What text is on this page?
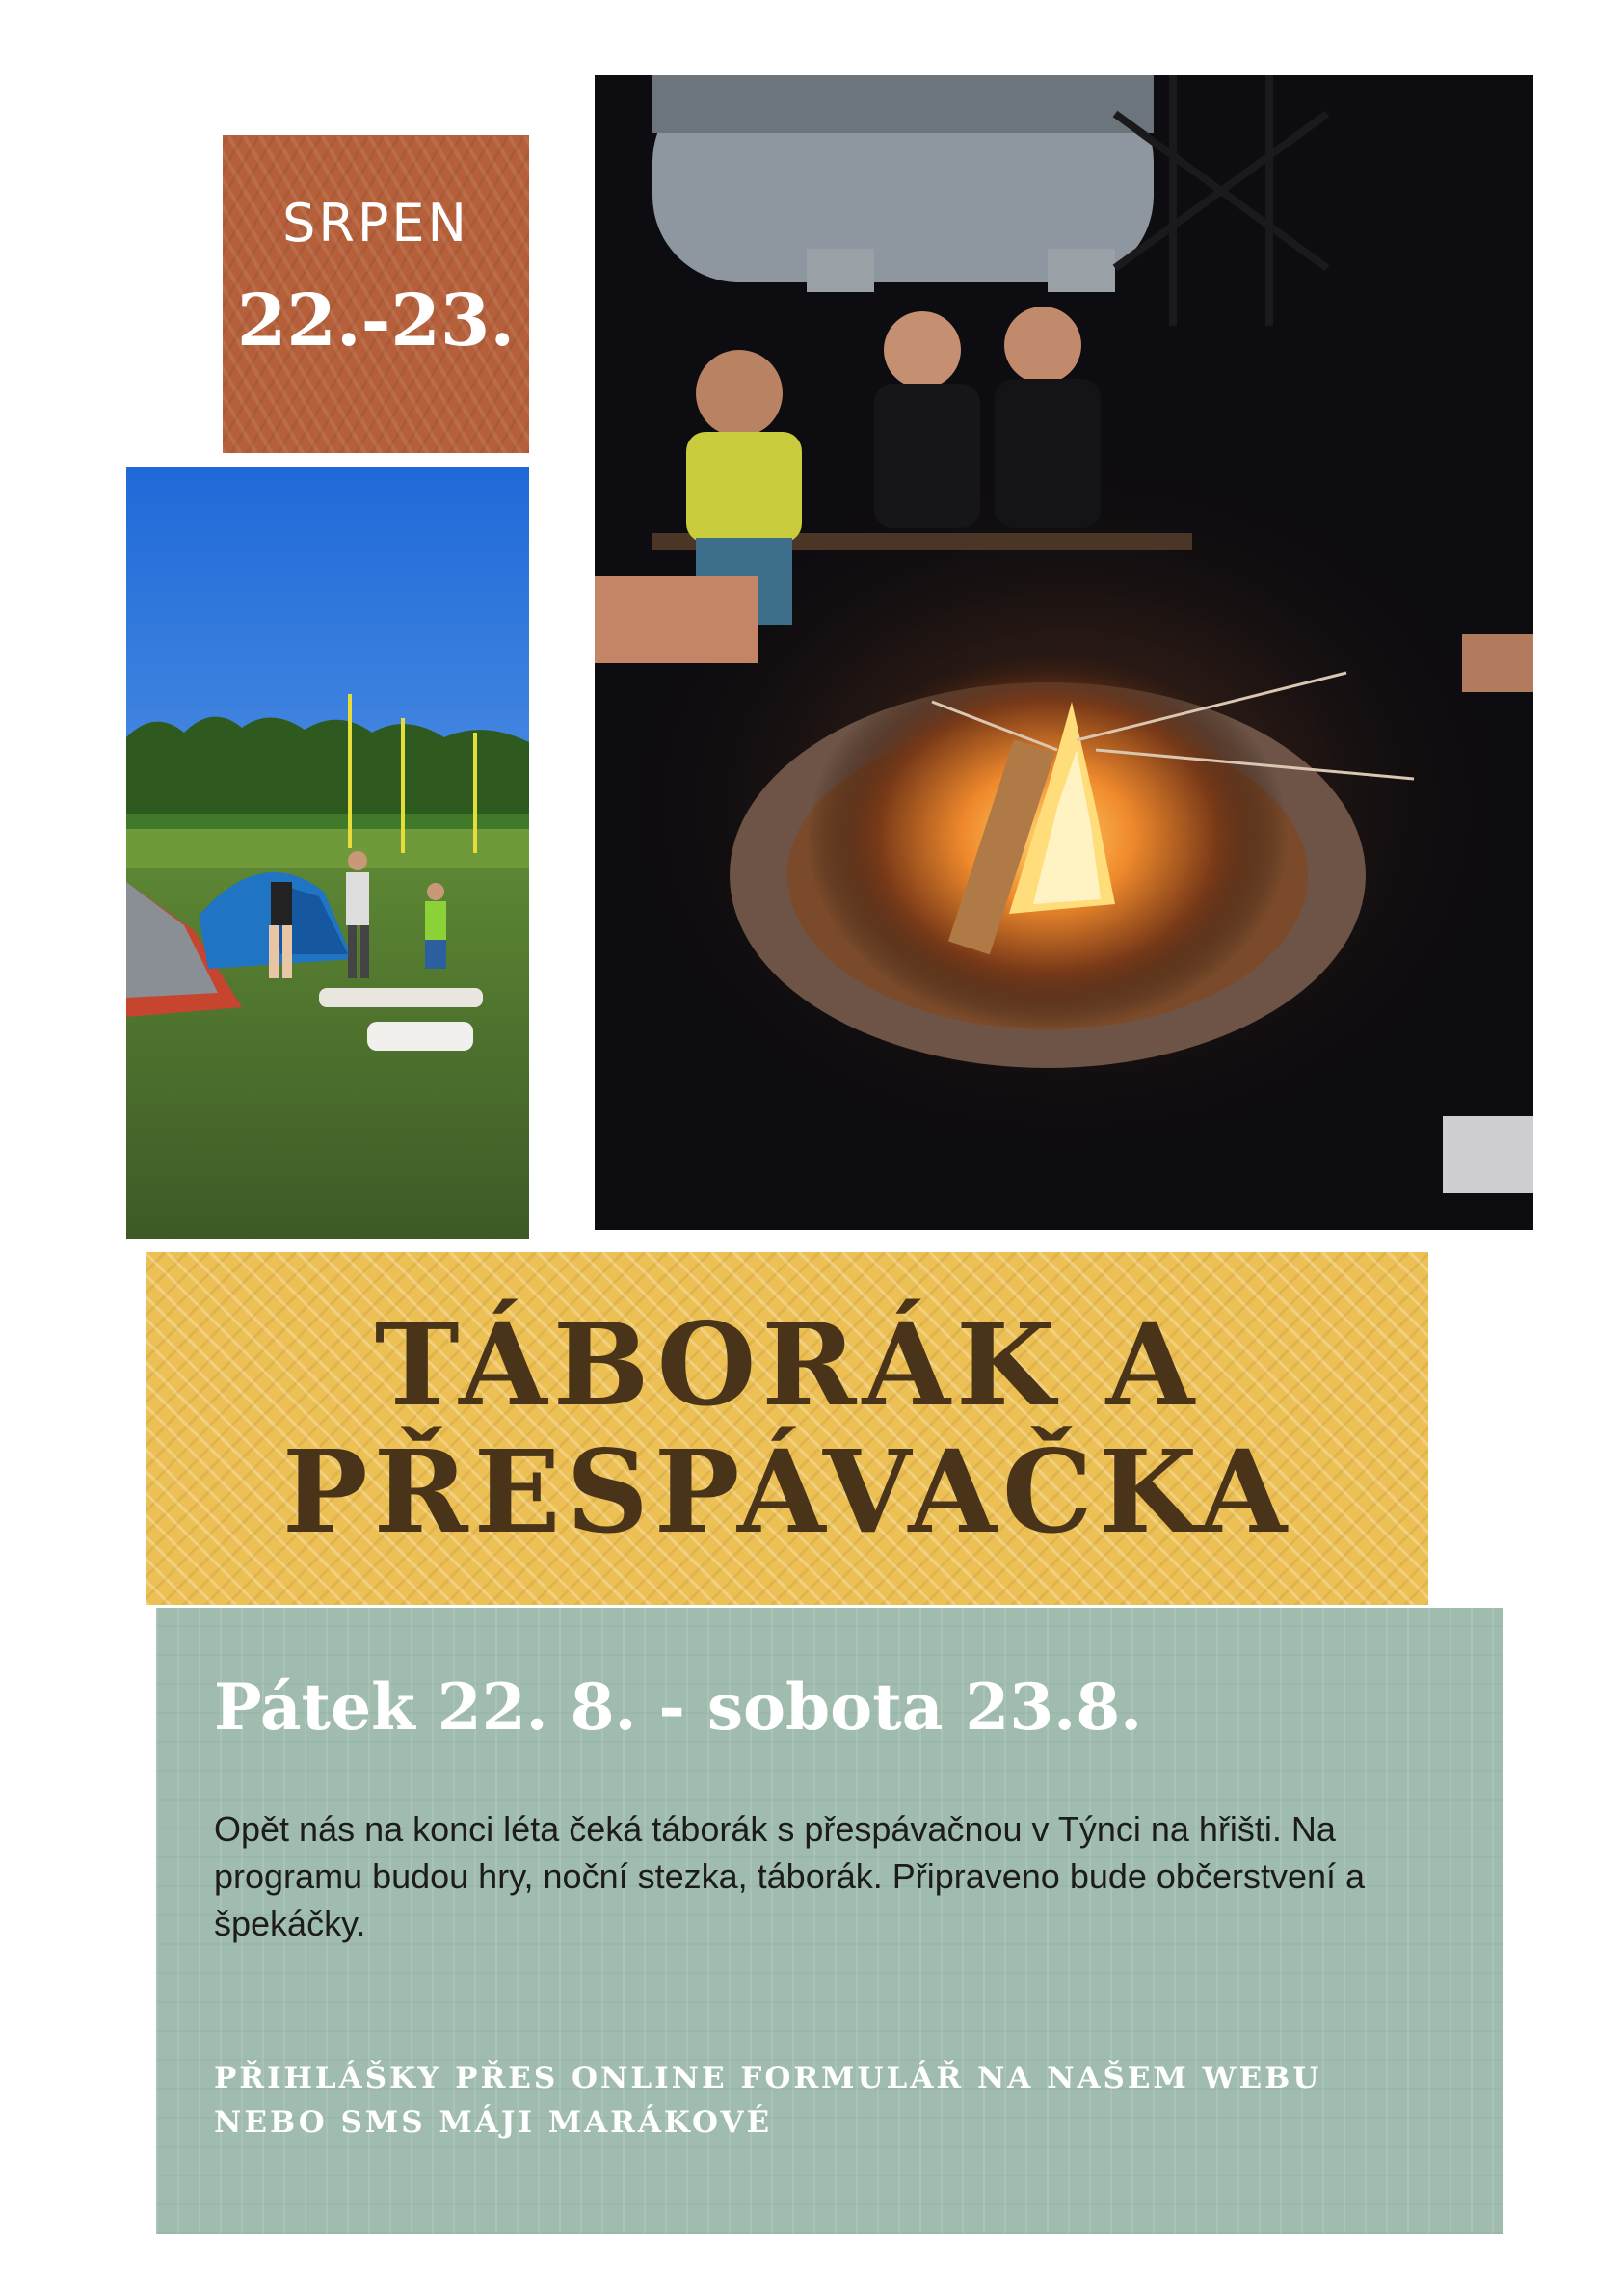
SRPEN
22.-23.
TÁBORÁK A
PŘESPÁVAČKA
Pátek 22. 8. - sobota 23.8.
Opět nás na konci léta čeká táborák s přespávačnou v Týnci na hřišti. Na programu budou hry, noční stezka, táborák. Připraveno bude občerstvení a špekáčky.
PŘIHLÁŠKY PŘES ONLINE FORMULÁŘ NA NAŠEM WEBU NEBO SMS MÁJI MARÁKOVÉ
